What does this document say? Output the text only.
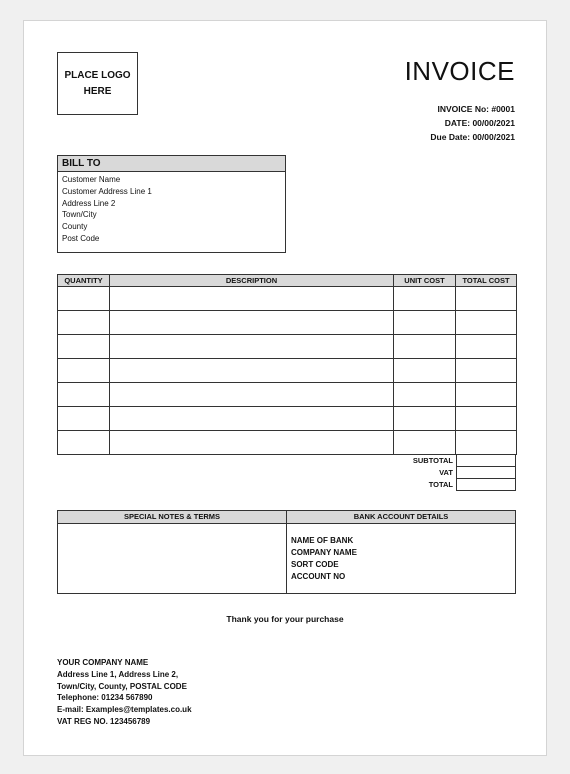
PLACE LOGO HERE
INVOICE
INVOICE No: #0001
DATE: 00/00/2021
Due Date: 00/00/2021
BILL TO
Customer Name
Customer Address Line 1
Address Line 2
Town/City
County
Post Code
QUANTITY	DESCRIPTION	UNIT COST	TOTAL COST

SUBTOTAL
VAT
TOTAL
SPECIAL NOTES & TERMS	BANK ACCOUNT DETAILS
NAME OF BANK
COMPANY NAME
SORT CODE
ACCOUNT NO
Thank you for your purchase
YOUR COMPANY NAME
Address Line 1, Address Line 2,
Town/City, County, POSTAL CODE
Telephone: 01234 567890
E-mail: Examples@templates.co.uk
VAT REG NO. 123456789
